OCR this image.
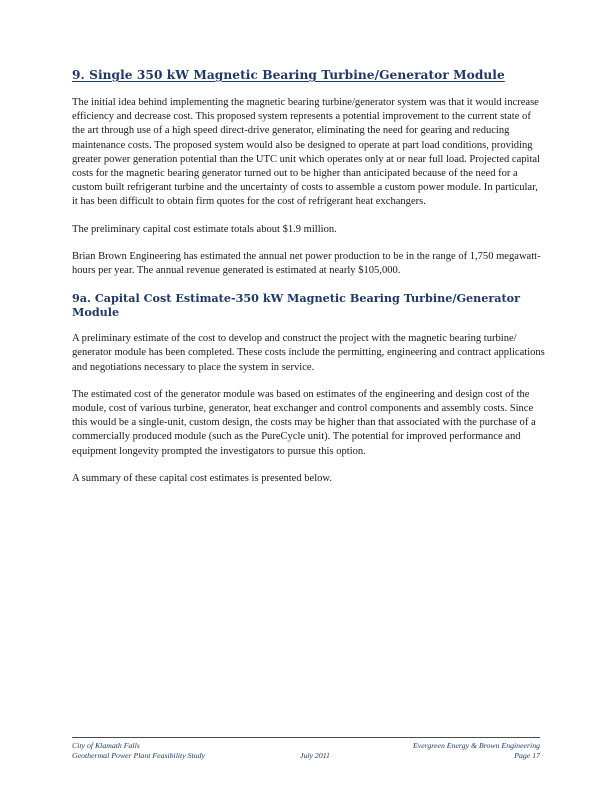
9. Single 350 kW Magnetic Bearing Turbine/Generator Module

The initial idea behind implementing the magnetic bearing turbine/generator system was that it would increase efficiency and decrease cost. This proposed system represents a potential improvement to the current state of the art through use of a high speed direct-drive generator, eliminating the need for gearing and reducing maintenance costs. The proposed system would also be designed to operate at part load conditions, providing greater power generation potential than the UTC unit which operates only at or near full load. Projected capital costs for the magnetic bearing generator turned out to be higher than anticipated because of the need for a custom built refrigerant turbine and the uncertainty of costs to assemble a custom power module. In particular, it has been difficult to obtain firm quotes for the cost of refrigerant heat exchangers.

The preliminary capital cost estimate totals about $1.9 million.

Brian Brown Engineering has estimated the annual net power production to be in the range of 1,750 megawatt-hours per year. The annual revenue generated is estimated at nearly $105,000.

9a. Capital Cost Estimate-350 kW Magnetic Bearing Turbine/Generator Module

A preliminary estimate of the cost to develop and construct the project with the magnetic bearing turbine/ generator module has been completed. These costs include the permitting, engineering and contract applications and negotiations necessary to place the system in service.

The estimated cost of the generator module was based on estimates of the engineering and design cost of the module, cost of various turbine, generator, heat exchanger and control components and assembly costs. Since this would be a single-unit, custom design, the costs may be higher than that associated with the purchase of a commercially produced module (such as the PureCycle unit). The potential for improved performance and equipment longevity prompted the investigators to pursue this option.

A summary of these capital cost estimates is presented below.

City of Klamath Falls	Evergreen Energy & Brown Engineering
Geothermal Power Plant Feasibility Study	July 2011	Page 17
